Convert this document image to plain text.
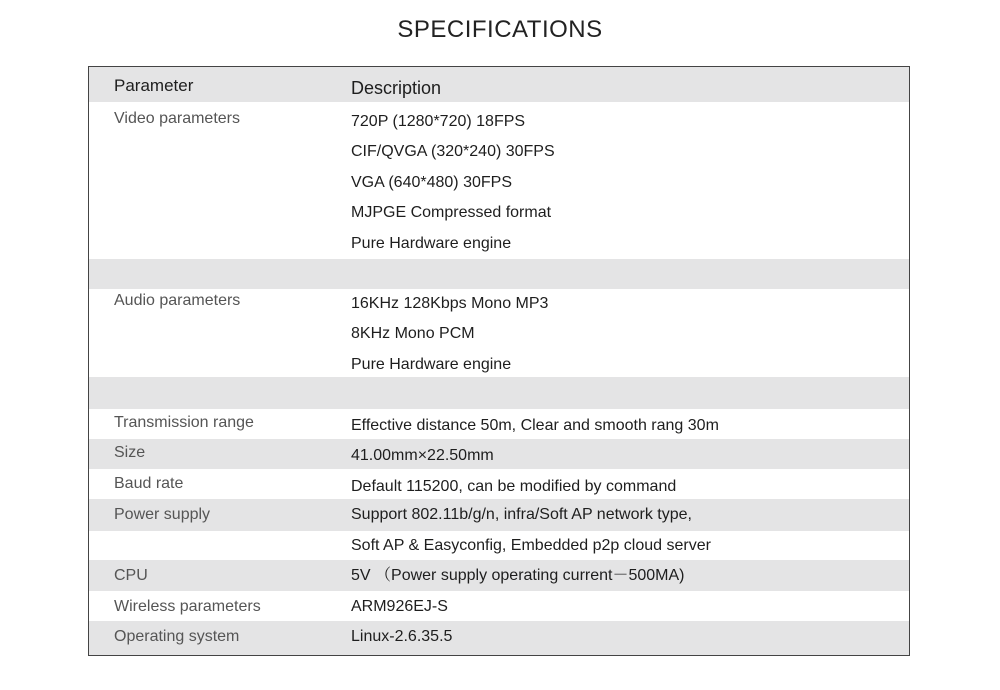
SPECIFICATIONS
Parameter	Description
Video parameters	720P (1280*720) 18FPS
CIF/QVGA (320*240) 30FPS
VGA (640*480) 30FPS
MJPGE Compressed format
Pure Hardware engine
Audio parameters	16KHz 128Kbps Mono MP3
8KHz Mono PCM
Pure Hardware engine
Transmission range	Effective distance 50m, Clear and smooth rang 30m
Size	41.00mm×22.50mm
Baud rate	Default 115200, can be modified by command
Power supply	Support 802.11b/g/n, infra/Soft AP network type,
Soft AP & Easyconfig, Embedded p2p cloud server
CPU	5V （Power supply operating current－500MA)
Wireless parameters	ARM926EJ-S
Operating system	Linux-2.6.35.5
